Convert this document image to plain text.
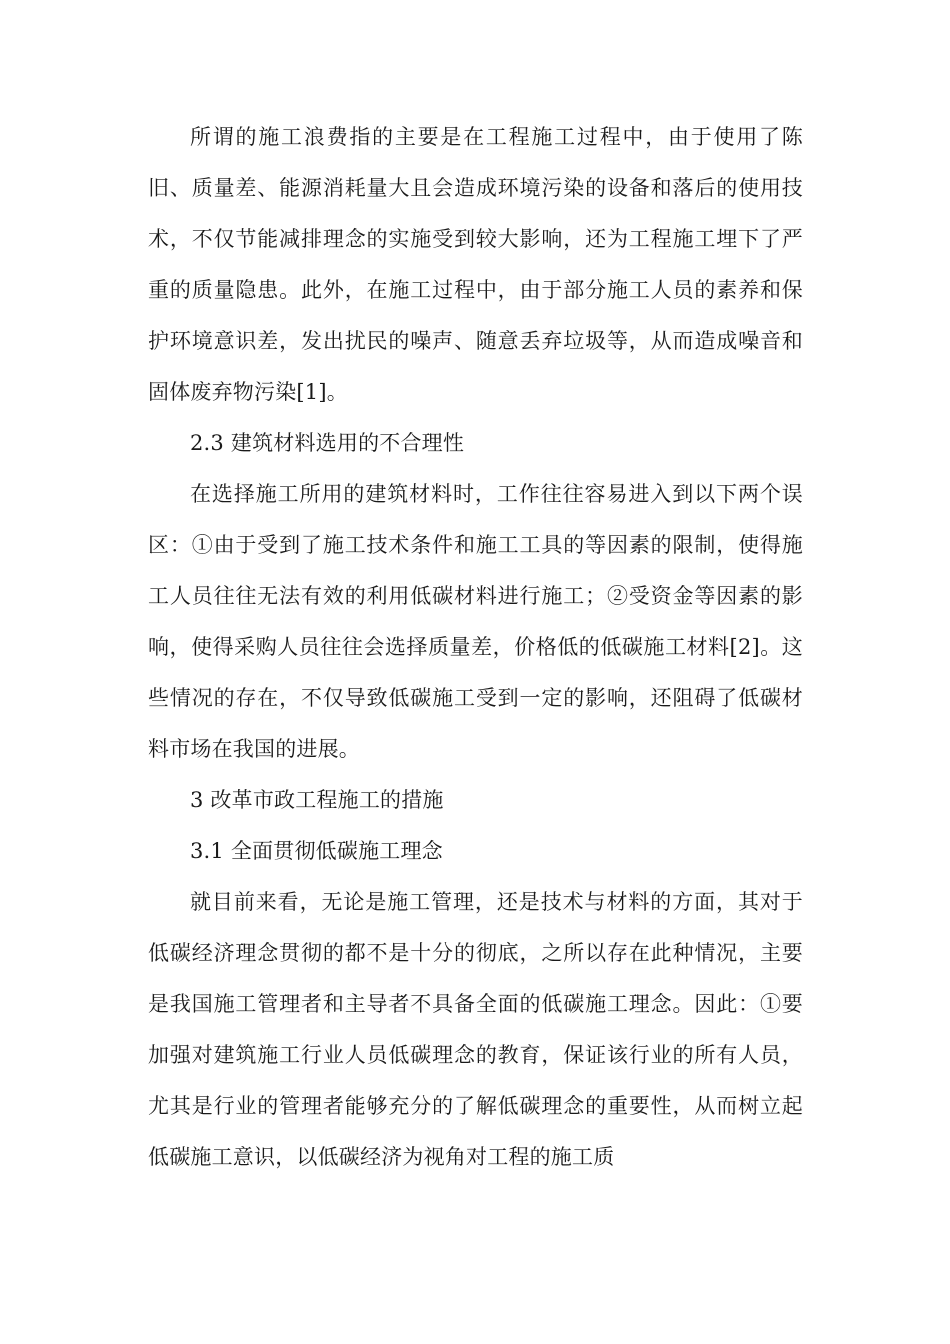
所谓的施工浪费指的主要是在工程施工过程中，由于使用了陈旧、质量差、能源消耗量大且会造成环境污染的设备和落后的使用技术，不仅节能减排理念的实施受到较大影响，还为工程施工埋下了严重的质量隐患。此外，在施工过程中，由于部分施工人员的素养和保护环境意识差，发出扰民的噪声、随意丢弃垃圾等，从而造成噪音和固体废弃物污染[1]。

2.3 建筑材料选用的不合理性

在选择施工所用的建筑材料时，工作往往容易进入到以下两个误区：①由于受到了施工技术条件和施工工具的等因素的限制，使得施工人员往往无法有效的利用低碳材料进行施工；②受资金等因素的影响，使得采购人员往往会选择质量差，价格低的低碳施工材料[2]。这些情况的存在，不仅导致低碳施工受到一定的影响，还阻碍了低碳材料市场在我国的进展。

3 改革市政工程施工的措施

3.1 全面贯彻低碳施工理念

就目前来看，无论是施工管理，还是技术与材料的方面，其对于低碳经济理念贯彻的都不是十分的彻底，之所以存在此种情况，主要是我国施工管理者和主导者不具备全面的低碳施工理念。因此：①要加强对建筑施工行业人员低碳理念的教育，保证该行业的所有人员，尤其是行业的管理者能够充分的了解低碳理念的重要性，从而树立起低碳施工意识，以低碳经济为视角对工程的施工质
